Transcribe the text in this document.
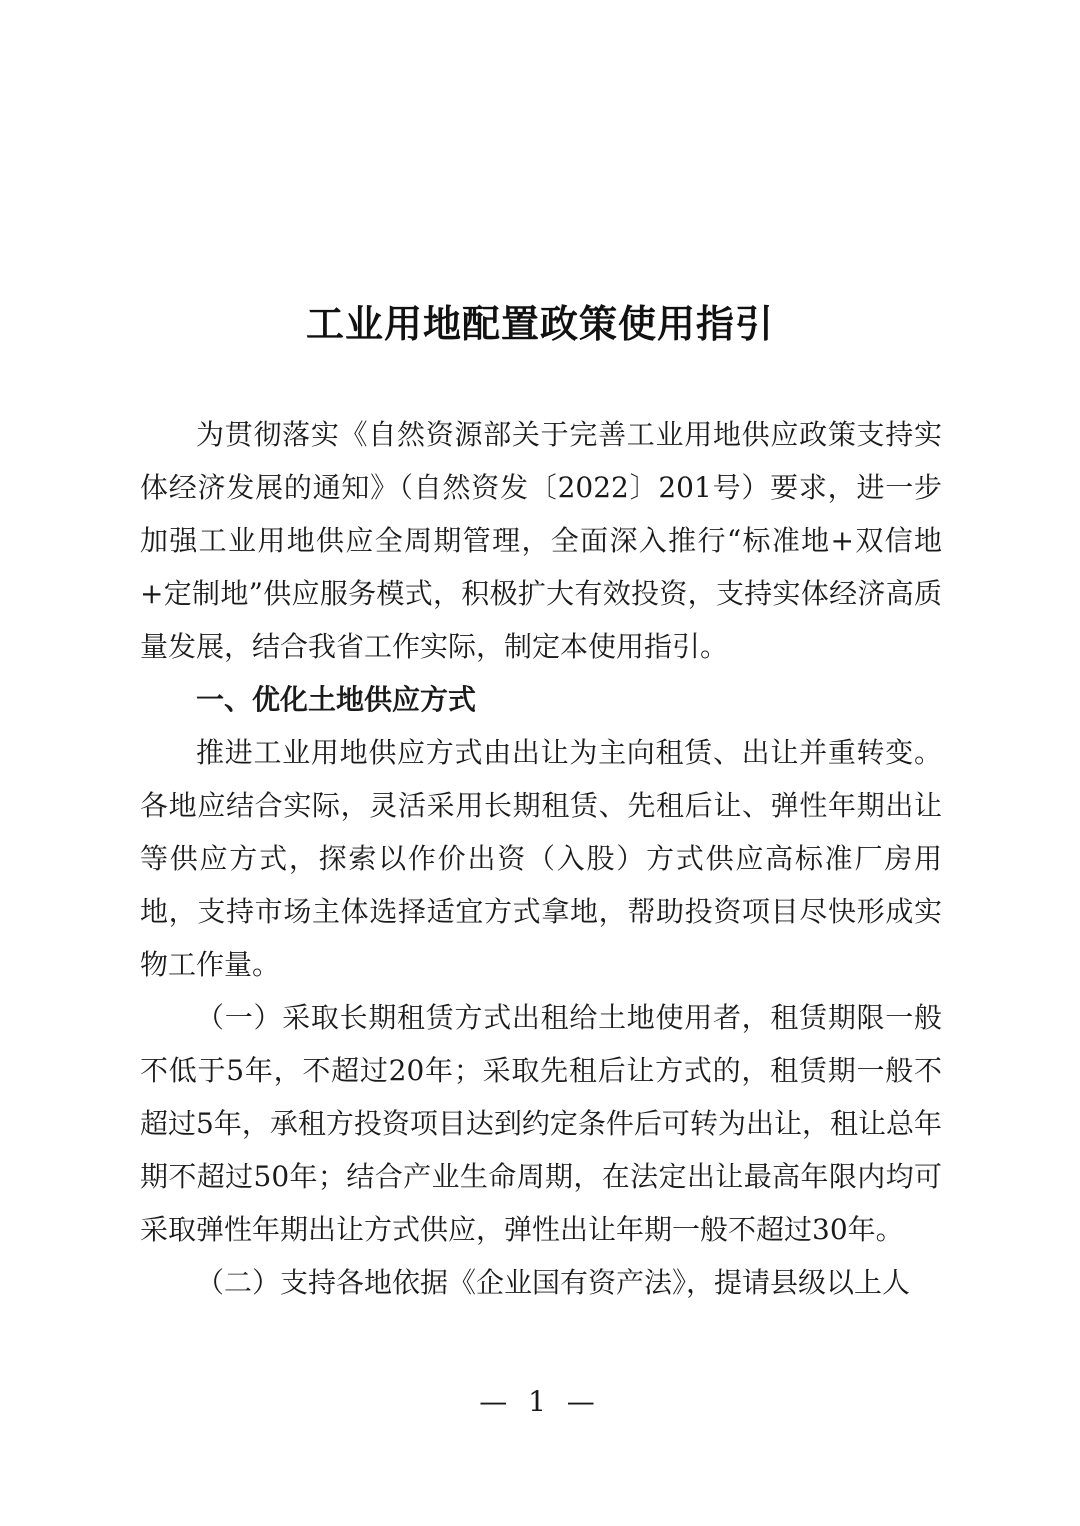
工业用地配置政策使用指引

为贯彻落实《自然资源部关于完善工业用地供应政策支持实体经济发展的通知》（自然资发〔2022〕201号）要求，进一步加强工业用地供应全周期管理，全面深入推行“标准地+双信地+定制地”供应服务模式，积极扩大有效投资，支持实体经济高质量发展，结合我省工作实际，制定本使用指引。

一、优化土地供应方式

推进工业用地供应方式由出让为主向租赁、出让并重转变。各地应结合实际，灵活采用长期租赁、先租后让、弹性年期出让等供应方式，探索以作价出资（入股）方式供应高标准厂房用地，支持市场主体选择适宜方式拿地，帮助投资项目尽快形成实物工作量。

（一）采取长期租赁方式出租给土地使用者，租赁期限一般不低于5年，不超过20年；采取先租后让方式的，租赁期一般不超过5年，承租方投资项目达到约定条件后可转为出让，租让总年期不超过50年；结合产业生命周期，在法定出让最高年限内均可采取弹性年期出让方式供应，弹性出让年期一般不超过30年。

（二）支持各地依据《企业国有资产法》，提请县级以上人

— 1 —
